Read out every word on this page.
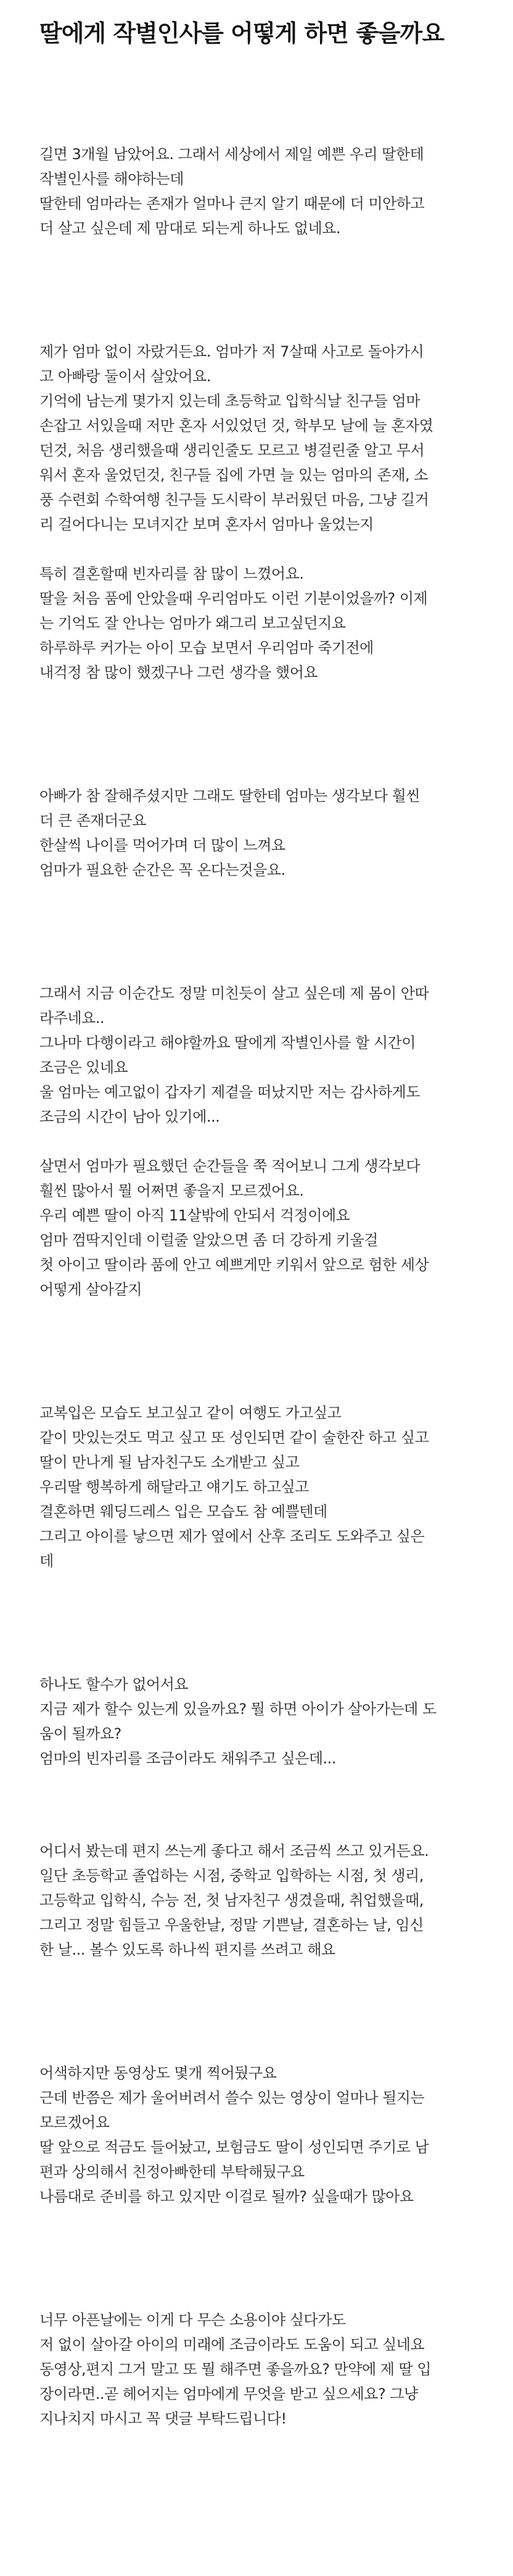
딸에게 작별인사를 어떻게 하면 좋을까요

길면 3개월 남았어요. 그래서 세상에서 제일 예쁜 우리 딸한테
작별인사를 해야하는데
딸한테 엄마라는 존재가 얼마나 큰지 알기 때문에 더 미안하고
더 살고 싶은데 제 맘대로 되는게 하나도 없네요.

제가 엄마 없이 자랐거든요. 엄마가 저 7살때 사고로 돌아가시
고 아빠랑 둘이서 살았어요.
기억에 남는게 몇가지 있는데 초등학교 입학식날 친구들 엄마
손잡고 서있을때 저만 혼자 서있었던 것, 학부모 날에 늘 혼자였
던것, 처음 생리했을때 생리인줄도 모르고 병걸린줄 알고 무서
워서 혼자 울었던것, 친구들 집에 가면 늘 있는 엄마의 존재, 소
풍 수련회 수학여행 친구들 도시락이 부러웠던 마음, 그냥 길거
리 걸어다니는 모녀지간 보며 혼자서 엄마나 울었는지

특히 결혼할때 빈자리를 참 많이 느꼈어요.
딸을 처음 품에 안았을때 우리엄마도 이런 기분이었을까? 이제
는 기억도 잘 안나는 엄마가 왜그리 보고싶던지요
하루하루 커가는 아이 모습 보면서 우리엄마 죽기전에
내걱정 참 많이 했겠구나 그런 생각을 했어요

아빠가 참 잘해주셨지만 그래도 딸한테 엄마는 생각보다 훨씬
더 큰 존재더군요
한살씩 나이를 먹어가며 더 많이 느껴요
엄마가 필요한 순간은 꼭 온다는것을요.

그래서 지금 이순간도 정말 미친듯이 살고 싶은데 제 몸이 안따
라주네요..
그나마 다행이라고 해야할까요 딸에게 작별인사를 할 시간이
조금은 있네요
울 엄마는 예고없이 갑자기 제곁을 떠났지만 저는 감사하게도
조금의 시간이 남아 있기에...

살면서 엄마가 필요했던 순간들을 쭉 적어보니 그게 생각보다
훨씬 많아서 뭘 어쩌면 좋을지 모르겠어요.
우리 예쁜 딸이 아직 11살밖에 안되서 걱정이에요
엄마 껌딱지인데 이럴줄 알았으면 좀 더 강하게 키울걸
첫 아이고 딸이라 품에 안고 예쁘게만 키워서 앞으로 험한 세상
어떻게 살아갈지

교복입은 모습도 보고싶고 같이 여행도 가고싶고
같이 맛있는것도 먹고 싶고 또 성인되면 같이 술한잔 하고 싶고
딸이 만나게 될 남자친구도 소개받고 싶고
우리딸 행복하게 해달라고 얘기도 하고싶고
결혼하면 웨딩드레스 입은 모습도 참 예쁠텐데
그리고 아이를 낳으면 제가 옆에서 산후 조리도 도와주고 싶은
데

하나도 할수가 없어서요
지금 제가 할수 있는게 있을까요? 뭘 하면 아이가 살아가는데 도
움이 될까요?
엄마의 빈자리를 조금이라도 채워주고 싶은데...

어디서 봤는데 편지 쓰는게 좋다고 해서 조금씩 쓰고 있거든요.
일단 초등학교 졸업하는 시점, 중학교 입학하는 시점, 첫 생리,
고등학교 입학식, 수능 전, 첫 남자친구 생겼을때, 취업했을때,
그리고 정말 힘들고 우울한날, 정말 기쁜날, 결혼하는 날, 임신
한 날... 볼수 있도록 하나씩 편지를 쓰려고 해요

어색하지만 동영상도 몇개 찍어뒀구요
근데 반쯤은 제가 울어버려서 쓸수 있는 영상이 얼마나 될지는
모르겠어요
딸 앞으로 적금도 들어놨고, 보험금도 딸이 성인되면 주기로 남
편과 상의해서 친정아빠한테 부탁해뒀구요
나름대로 준비를 하고 있지만 이걸로 될까? 싶을때가 많아요

너무 아픈날에는 이게 다 무슨 소용이야 싶다가도
저 없이 살아갈 아이의 미래에 조금이라도 도움이 되고 싶네요
동영상,편지 그거 말고 또 뭘 해주면 좋을까요? 만약에 제 딸 입
장이라면..곧 헤어지는 엄마에게 무엇을 받고 싶으세요? 그냥
지나치지 마시고 꼭 댓글 부탁드립니다!
